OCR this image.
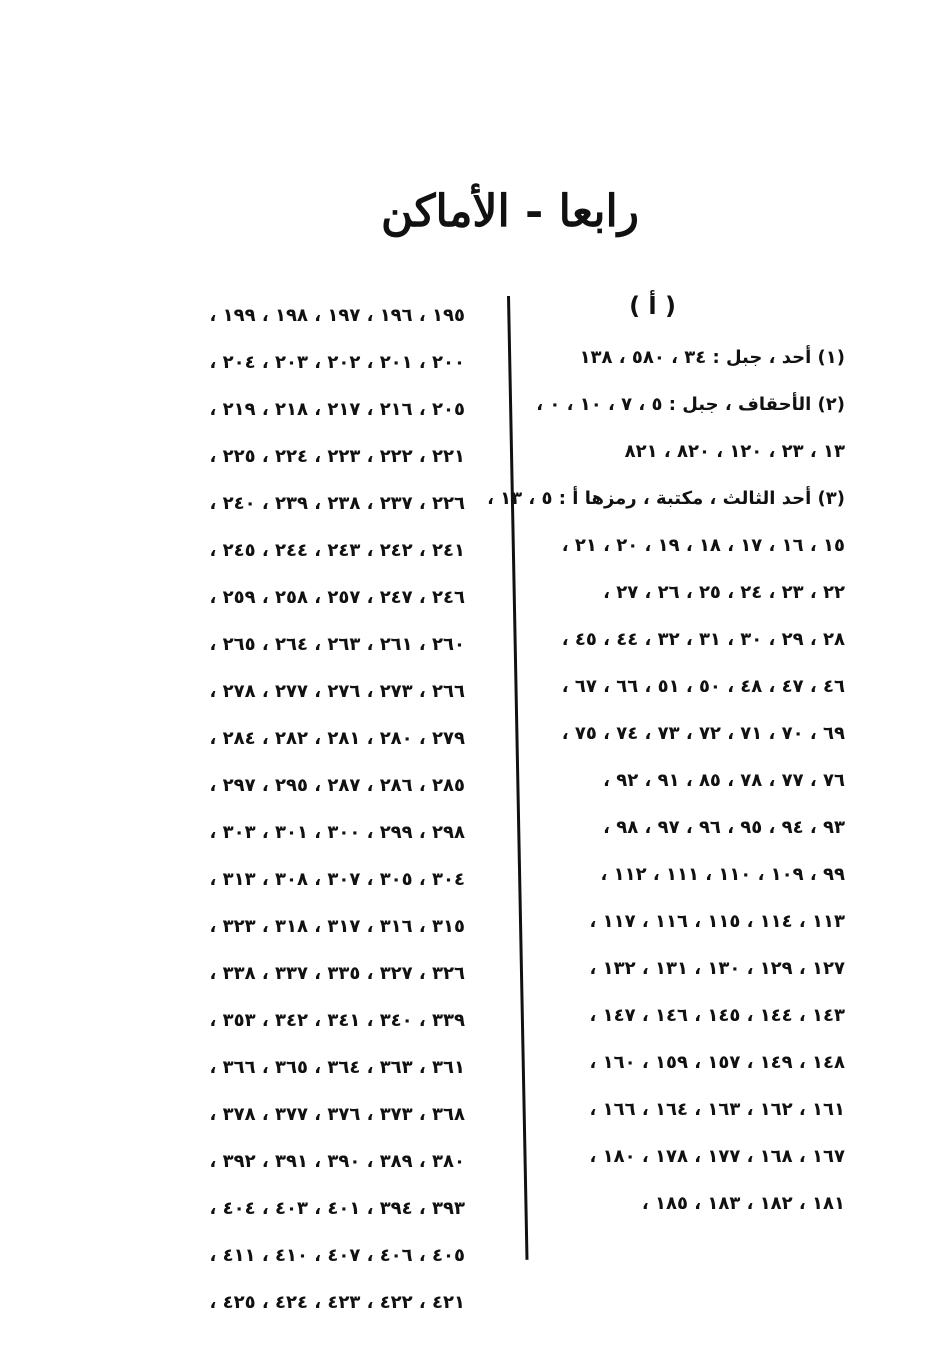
رابعا - الأماكن
( أ )
(١) أحد ، جبل : ٣٤ ، ٥٨٠ ، ١٣٨
(٢) الأحقاف ، جبل : ٥ ، ٧ ، ١٠ ، ٠ ،
١٣ ، ٢٣ ، ١٢٠ ، ٨٢٠ ، ٨٢١
(٣) أحد الثالث ، مكتبة ، رمزها أ : ٥ ، ١٣ ،
١٥ ، ١٦ ، ١٧ ، ١٨ ، ١٩ ، ٢٠ ، ٢١ ،
٢٢ ، ٢٣ ، ٢٤ ، ٢٥ ، ٢٦ ، ٢٧ ،
٢٨ ، ٢٩ ، ٣٠ ، ٣١ ، ٣٢ ، ٤٤ ، ٤٥ ،
٤٦ ، ٤٧ ، ٤٨ ، ٥٠ ، ٥١ ، ٦٦ ، ٦٧ ،
٦٩ ، ٧٠ ، ٧١ ، ٧٢ ، ٧٣ ، ٧٤ ، ٧٥ ،
٧٦ ، ٧٧ ، ٧٨ ، ٨٥ ، ٩١ ، ٩٢ ،
٩٣ ، ٩٤ ، ٩٥ ، ٩٦ ، ٩٧ ، ٩٨ ،
٩٩ ، ١٠٩ ، ١١٠ ، ١١١ ، ١١٢ ،
١١٣ ، ١١٤ ، ١١٥ ، ١١٦ ، ١١٧ ،
١٢٧ ، ١٢٩ ، ١٣٠ ، ١٣١ ، ١٣٢ ،
١٤٣ ، ١٤٤ ، ١٤٥ ، ١٤٦ ، ١٤٧ ،
١٤٨ ، ١٤٩ ، ١٥٧ ، ١٥٩ ، ١٦٠ ،
١٦١ ، ١٦٢ ، ١٦٣ ، ١٦٤ ، ١٦٦ ،
١٦٧ ، ١٦٨ ، ١٧٧ ، ١٧٨ ، ١٨٠ ،
١٨١ ، ١٨٢ ، ١٨٣ ، ١٨٥ ،
١٩٥ ، ١٩٦ ، ١٩٧ ، ١٩٨ ، ١٩٩ ،
٢٠٠ ، ٢٠١ ، ٢٠٢ ، ٢٠٣ ، ٢٠٤ ،
٢٠٥ ، ٢١٦ ، ٢١٧ ، ٢١٨ ، ٢١٩ ،
٢٢١ ، ٢٢٢ ، ٢٢٣ ، ٢٢٤ ، ٢٢٥ ،
٢٢٦ ، ٢٣٧ ، ٢٣٨ ، ٢٣٩ ، ٢٤٠ ،
٢٤١ ، ٢٤٢ ، ٢٤٣ ، ٢٤٤ ، ٢٤٥ ،
٢٤٦ ، ٢٤٧ ، ٢٥٧ ، ٢٥٨ ، ٢٥٩ ،
٢٦٠ ، ٢٦١ ، ٢٦٣ ، ٢٦٤ ، ٢٦٥ ،
٢٦٦ ، ٢٧٣ ، ٢٧٦ ، ٢٧٧ ، ٢٧٨ ،
٢٧٩ ، ٢٨٠ ، ٢٨١ ، ٢٨٢ ، ٢٨٤ ،
٢٨٥ ، ٢٨٦ ، ٢٨٧ ، ٢٩٥ ، ٢٩٧ ،
٢٩٨ ، ٢٩٩ ، ٣٠٠ ، ٣٠١ ، ٣٠٣ ،
٣٠٤ ، ٣٠٥ ، ٣٠٧ ، ٣٠٨ ، ٣١٣ ،
٣١٥ ، ٣١٦ ، ٣١٧ ، ٣١٨ ، ٣٢٣ ،
٣٢٦ ، ٣٢٧ ، ٣٣٥ ، ٣٣٧ ، ٣٣٨ ،
٣٣٩ ، ٣٤٠ ، ٣٤١ ، ٣٤٢ ، ٣٥٣ ،
٣٦١ ، ٣٦٣ ، ٣٦٤ ، ٣٦٥ ، ٣٦٦ ،
٣٦٨ ، ٣٧٣ ، ٣٧٦ ، ٣٧٧ ، ٣٧٨ ،
٣٨٠ ، ٣٨٩ ، ٣٩٠ ، ٣٩١ ، ٣٩٢ ،
٣٩٣ ، ٣٩٤ ، ٤٠١ ، ٤٠٣ ، ٤٠٤ ،
٤٠٥ ، ٤٠٦ ، ٤٠٧ ، ٤١٠ ، ٤١١ ،
٤٢١ ، ٤٢٢ ، ٤٢٣ ، ٤٢٤ ، ٤٢٥ ،
